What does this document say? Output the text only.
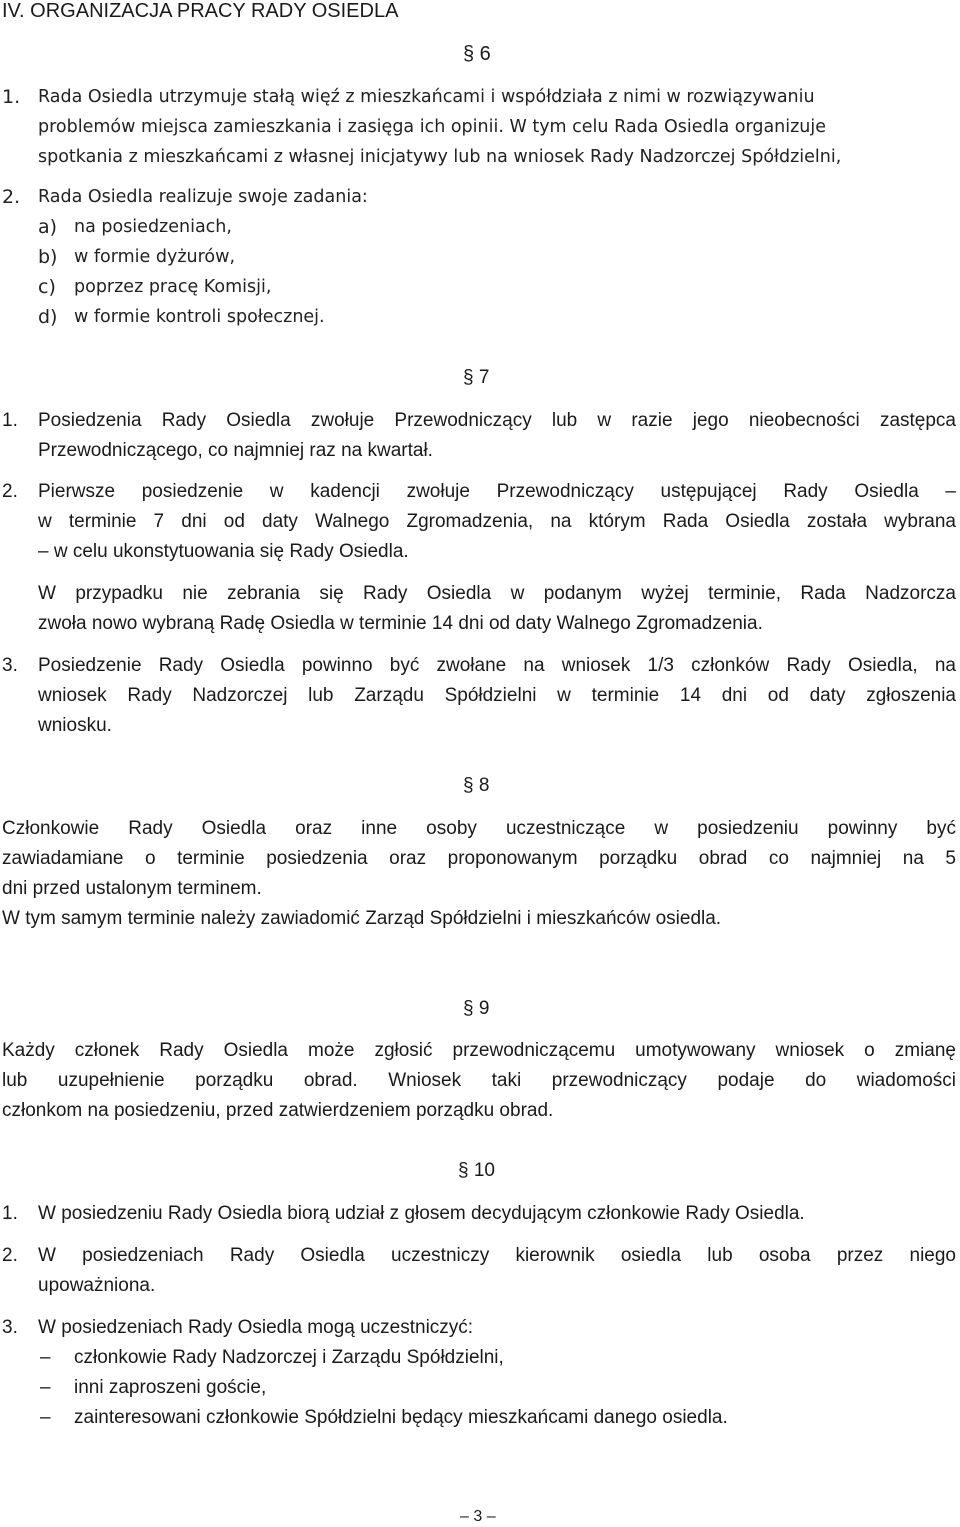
IV. ORGANIZACJA PRACY RADY OSIEDLA
§ 6
1. Rada Osiedla utrzymuje stałą więź z mieszkańcami i współdziała z nimi w rozwiązywaniu
problemów miejsca zamieszkania i zasięga ich opinii. W tym celu Rada Osiedla organizuje
spotkania z mieszkańcami z własnej inicjatywy lub na wniosek Rady Nadzorczej Spółdzielni,
2. Rada Osiedla realizuje swoje zadania:
a) na posiedzeniach,
b) w formie dyżurów,
c) poprzez pracę Komisji,
d) w formie kontroli społecznej.
§ 7
1. Posiedzenia Rady Osiedla zwołuje Przewodniczący lub w razie jego nieobecności zastępca
Przewodniczącego, co najmniej raz na kwartał.
2. Pierwsze posiedzenie w kadencji zwołuje Przewodniczący ustępującej Rady Osiedla –
w terminie 7 dni od daty Walnego Zgromadzenia, na którym Rada Osiedla została wybrana
– w celu ukonstytuowania się Rady Osiedla.
W przypadku nie zebrania się Rady Osiedla w podanym wyżej terminie, Rada Nadzorcza
zwoła nowo wybraną Radę Osiedla w terminie 14 dni od daty Walnego Zgromadzenia.
3. Posiedzenie Rady Osiedla powinno być zwołane na wniosek 1/3 członków Rady Osiedla, na
wniosek Rady Nadzorczej lub Zarządu Spółdzielni w terminie 14 dni od daty zgłoszenia
wniosku.
§ 8
Członkowie Rady Osiedla oraz inne osoby uczestniczące w posiedzeniu powinny być
zawiadamiane o terminie posiedzenia oraz proponowanym porządku obrad co najmniej na 5
dni przed ustalonym terminem.
W tym samym terminie należy zawiadomić Zarząd Spółdzielni i mieszkańców osiedla.
§ 9
Każdy członek Rady Osiedla może zgłosić przewodniczącemu umotywowany wniosek o zmianę
lub uzupełnienie porządku obrad. Wniosek taki przewodniczący podaje do wiadomości
członkom na posiedzeniu, przed zatwierdzeniem porządku obrad.
§ 10
1. W posiedzeniu Rady Osiedla biorą udział z głosem decydującym członkowie Rady Osiedla.
2. W posiedzeniach Rady Osiedla uczestniczy kierownik osiedla lub osoba przez niego
upoważniona.
3. W posiedzeniach Rady Osiedla mogą uczestniczyć:
– członkowie Rady Nadzorczej i Zarządu Spółdzielni,
– inni zaproszeni goście,
– zainteresowani członkowie Spółdzielni będący mieszkańcami danego osiedla.
– 3 –
